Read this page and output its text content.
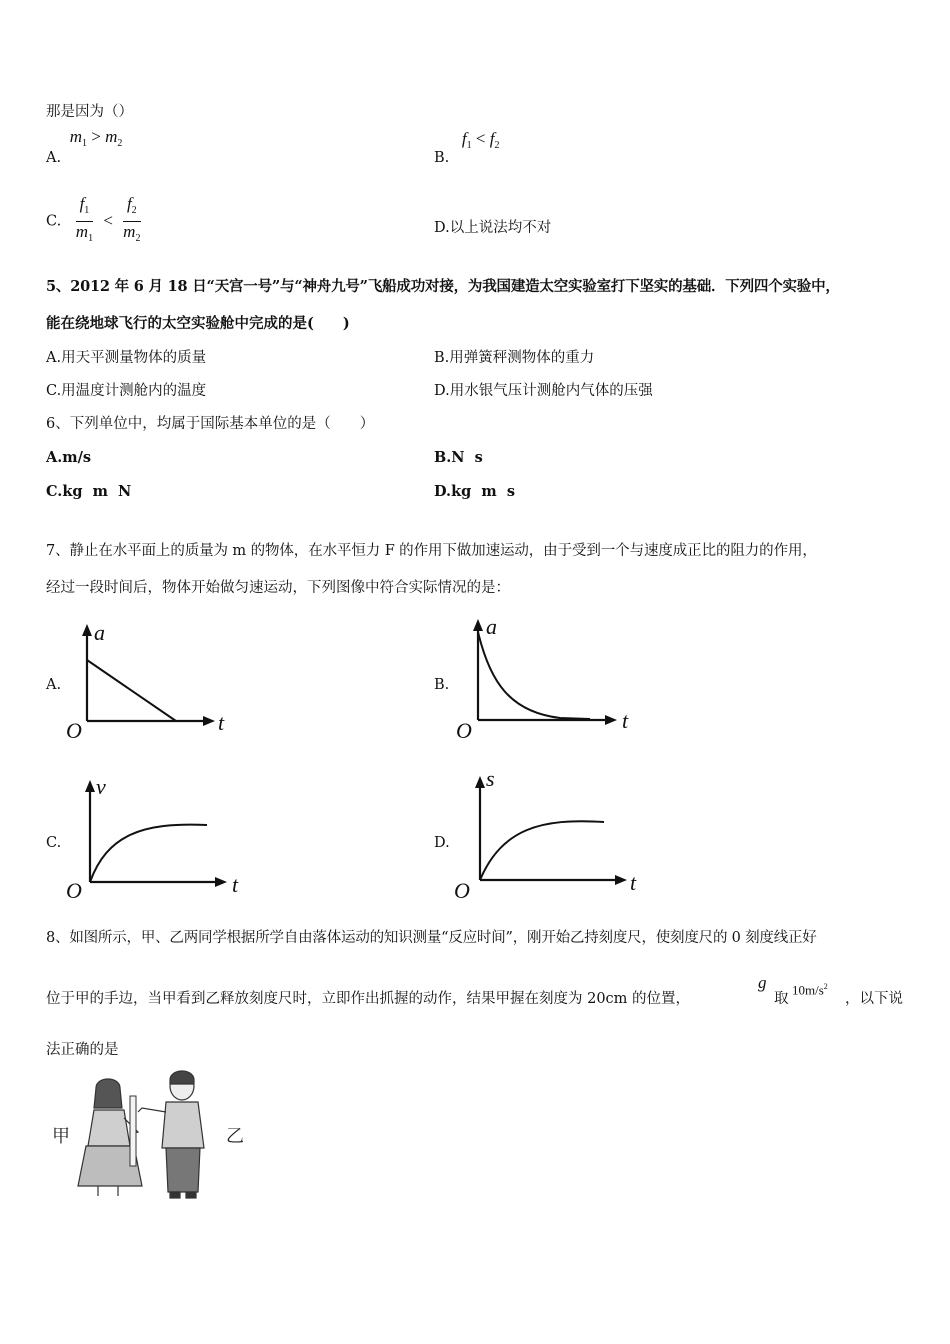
那是因为（）
A. $m_1 > m_2$
B. $f_1 < f_2$
C. $\frac{f_1}{m_1} < \frac{f_2}{m_2}$	D.以上说法均不对
5、2012 年 6 月 18 日“天宫一号”与“神舟九号”飞船成功对接，为我国建造太空实验室打下坚实的基础．下列四个实验中，
能在绕地球飞行的太空实验舱中完成的是(　　)
A.用天平测量物体的质量	B.用弹簧秤测物体的重力
C.用温度计测舱内的温度	D.用水银气压计测舱内气体的压强
6、下列单位中，均属于国际基本单位的是（　　）
A.m/s	B.N  s
C.kg  m  N	D.kg  m  s
7、静止在水平面上的质量为 m 的物体，在水平恒力 F 的作用下做加速运动，由于受到一个与速度成正比的阻力的作用，
经过一段时间后，物体开始做匀速运动，下列图像中符合实际情况的是：
A.
a
t
O
B.
a
t
O
C.
v
t
O
D.
s
t
O
8、如图所示，甲、乙两同学根据所学自由落体运动的知识测量“反应时间”，刚开始乙持刻度尺，使刻度尺的 0 刻度线正好
位于甲的手边，当甲看到乙释放刻度尺时，立即作出抓握的动作，结果甲握在刻度为 20cm 的位置，
g
取
$10m/s^2$
，以下说
法正确的是
甲	乙
